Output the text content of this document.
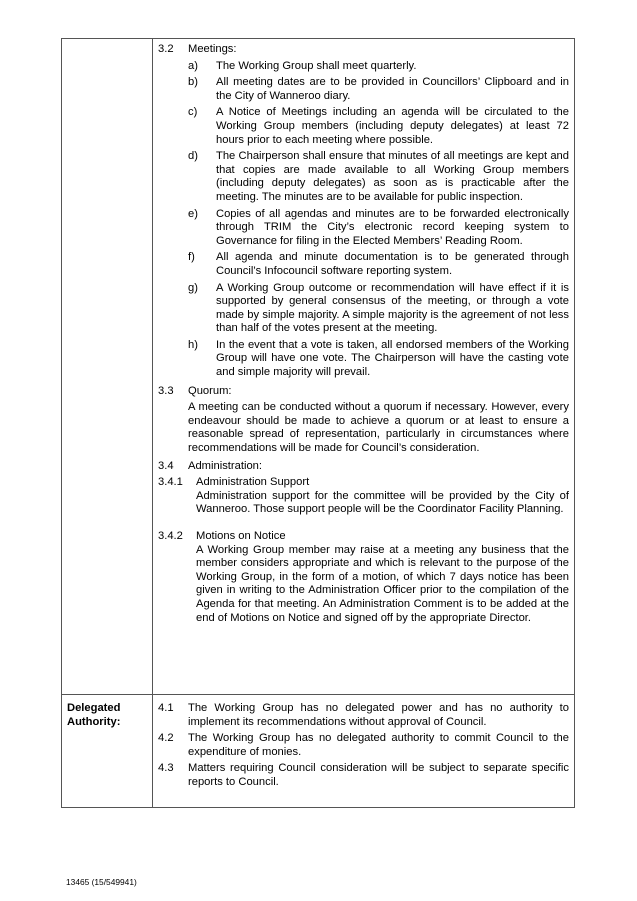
3.2	Meetings:
a)	The Working Group shall meet quarterly.
b)	All meeting dates are to be provided in Councillors’ Clipboard and in the City of Wanneroo diary.
c)	A Notice of Meetings including an agenda will be circulated to the Working Group members (including deputy delegates) at least 72 hours prior to each meeting where possible.
d)	The Chairperson shall ensure that minutes of all meetings are kept and that copies are made available to all Working Group members (including deputy delegates) as soon as is practicable after the meeting. The minutes are to be available for public inspection.
e)	Copies of all agendas and minutes are to be forwarded electronically through TRIM the City’s electronic record keeping system to Governance for filing in the Elected Members’ Reading Room.
f)	All agenda and minute documentation is to be generated through Council’s Infocouncil software reporting system.
g)	A Working Group outcome or recommendation will have effect if it is supported by general consensus of the meeting, or through a vote made by simple majority. A simple majority is the agreement of not less than half of the votes present at the meeting.
h)	In the event that a vote is taken, all endorsed members of the Working Group will have one vote. The Chairperson will have the casting vote and simple majority will prevail.
3.3	Quorum:
A meeting can be conducted without a quorum if necessary. However, every endeavour should be made to achieve a quorum or at least to ensure a reasonable spread of representation, particularly in circumstances where recommendations will be made for Council’s consideration.
3.4	Administration:
3.4.1	Administration Support
Administration support for the committee will be provided by the City of Wanneroo. Those support people will be the Coordinator Facility Planning.
3.4.2	Motions on Notice
A Working Group member may raise at a meeting any business that the member considers appropriate and which is relevant to the purpose of the Working Group, in the form of a motion, of which 7 days notice has been given in writing to the Administration Officer prior to the compilation of the Agenda for that meeting. An Administration Comment is to be added at the end of Motions on Notice and signed off by the appropriate Director.
Delegated Authority:
4.1	The Working Group has no delegated power and has no authority to implement its recommendations without approval of Council.
4.2	The Working Group has no delegated authority to commit Council to the expenditure of monies.
4.3	Matters requiring Council consideration will be subject to separate specific reports to Council.
13465 (15/549941)
